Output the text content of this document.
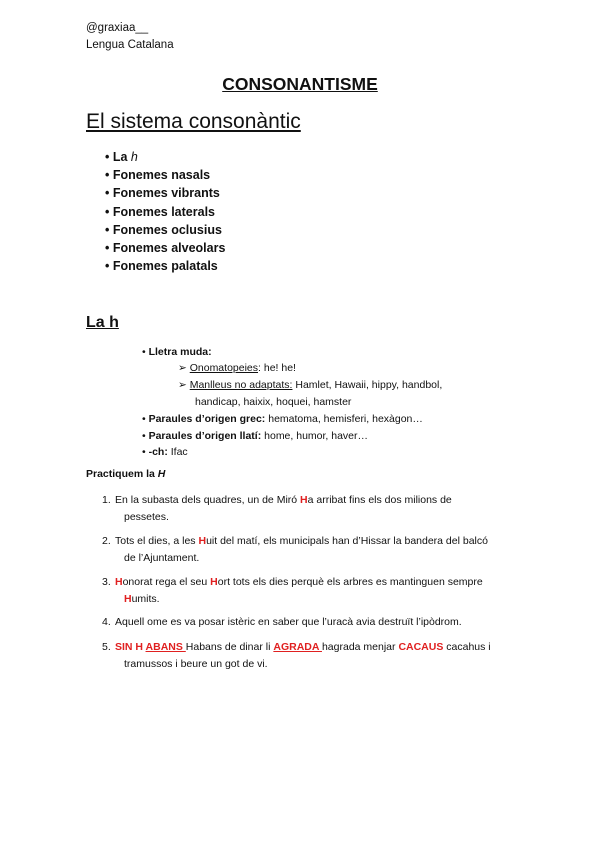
@graxiaa__
Lengua Catalana
CONSONANTISME
El sistema consonàntic
• La h
• Fonemes nasals
• Fonemes vibrants
• Fonemes laterals
• Fonemes oclusius
• Fonemes alveolars
• Fonemes palatals
La h
• Lletra muda:
➢ Onomatopeies: he! he!
➢ Manlleus no adaptats: Hamlet, Hawaii, hippy, handbol,
handicap, haixix, hoquei, hamster
• Paraules d’origen grec: hematoma, hemisferi, hexàgon…
• Paraules d’origen llatí: home, humor, haver…
• -ch: Ifac
Practiquem la H
1. En la subasta dels quadres, un de Miró Ha arribat fins els dos milions de
pessetes.
2. Tots el dies, a les Huit del matí, els municipals han d’Hissar la bandera del balcó
de l’Ajuntament.
3. Honorat rega el seu Hort tots els dies perquè els arbres es mantinguen sempre
Humits.
4. Aquell ome es va posar istèric en saber que l’uracà avia destruït l’ipòdrom.
5. SIN H ABANS Habans de dinar li AGRADA hagrada menjar CACAUS cacahus i
tramussos i beure un got de vi.
